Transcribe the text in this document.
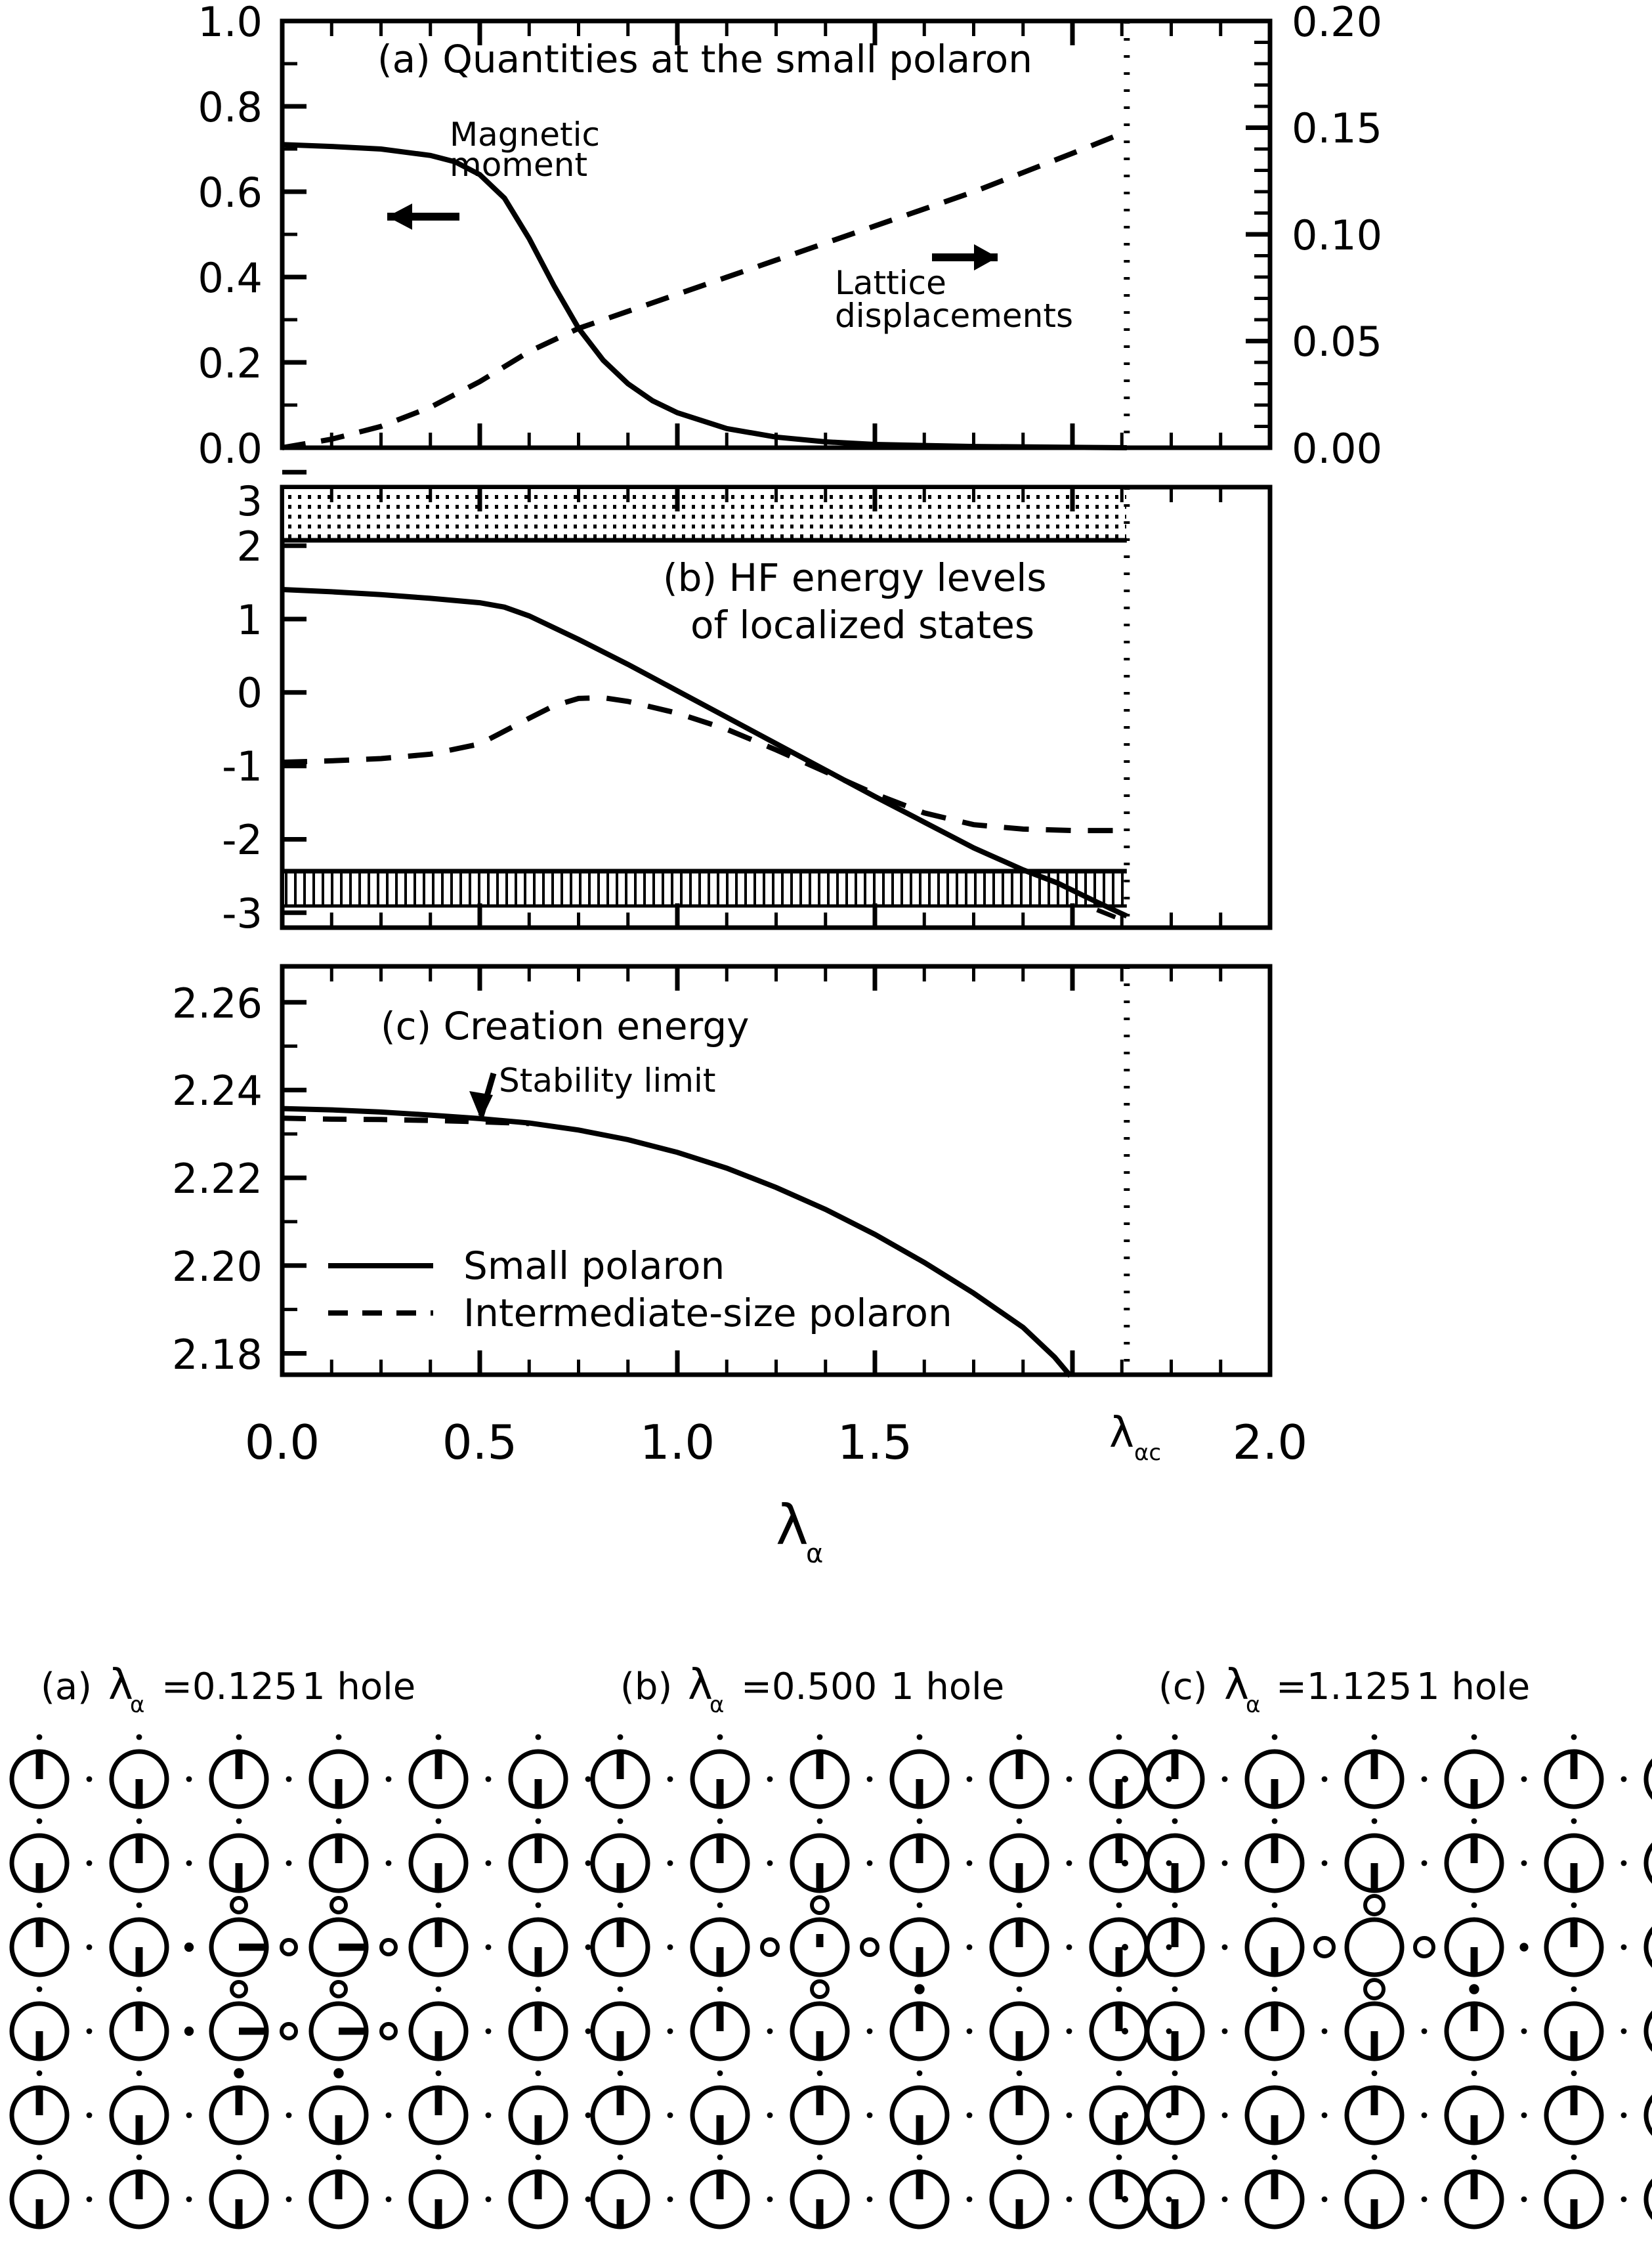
0.0
0.2
0.4
0.6
0.8
1.0
0.00
0.05
0.10
0.15
0.20
(a) Quantities at the small polaron
Magnetic
moment
Lattice
displacements
-3
-2
-1
0
1
2
3
(b) HF energy levels
of localized states
2.18
2.20
2.22
2.24
2.26	(c) Creation energy
Stability limit
Small polaron
Intermediate-size polaron
0.0	0.5	1.0	1.5	2.0
λ αc
λ
α
(a) λ
α =0.125 1 hole	(b) λ
α =0.500 1 hole	(c) λ
α =1.125 1 hole
